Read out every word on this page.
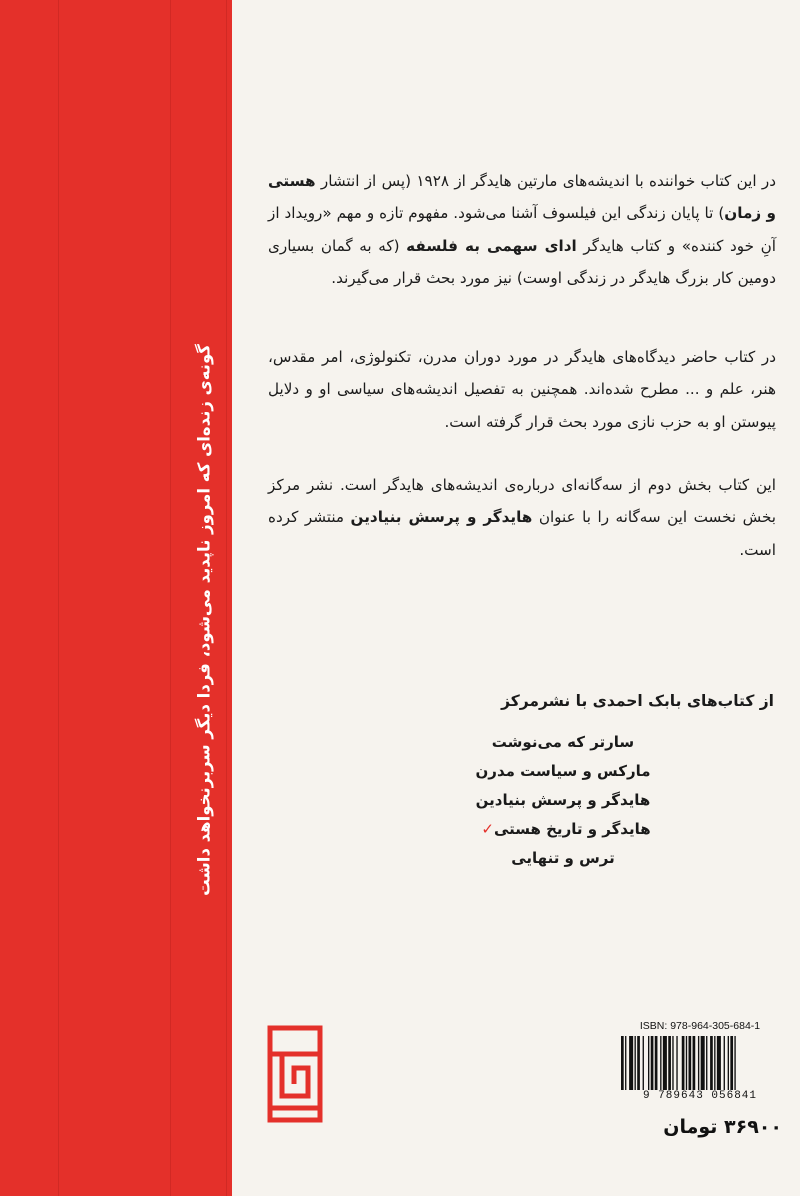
گونه‌ی زنده‌ای که امروز ناپدید می‌شود، فردا دیگر سربرنخواهد داشت
در این کتاب خواننده با اندیشه‌های مارتین هایدگر از ۱۹۲۸ (پس از انتشار هستی و زمان) تا پایان زندگی این فیلسوف آشنا می‌شود. مفهوم تازه و مهم «رویداد از آنِ خود کننده» و کتاب هایدگر ادای سهمی به فلسفه (که به گمان بسیاری دومین کار بزرگ هایدگر در زندگی اوست) نیز مورد بحث قرار می‌گیرند.
در کتاب حاضر دیدگاه‌های هایدگر در مورد دوران مدرن، تکنولوژی، امر مقدس، هنر، علم و ... مطرح شده‌اند. همچنین به تفصیل اندیشه‌های سیاسی او و دلایل پیوستن او به حزب نازی مورد بحث قرار گرفته است.
این کتاب بخش دوم از سه‌گانه‌ای درباره‌ی اندیشه‌های هایدگر است. نشر مرکز بخش نخست این سه‌گانه را با عنوان هایدگر و پرسش بنیادین منتشر کرده است.
از کتاب‌های بابک احمدی با نشرمرکز
سارتر که می‌نوشت
مارکس و سیاست مدرن
هایدگر و پرسش بنیادین
هایدگر و تاریخ هستی✓
ترس و تنهایی
ISBN: 978-964-305-684-1
9 789643 056841
۳۶۹۰۰ تومان
